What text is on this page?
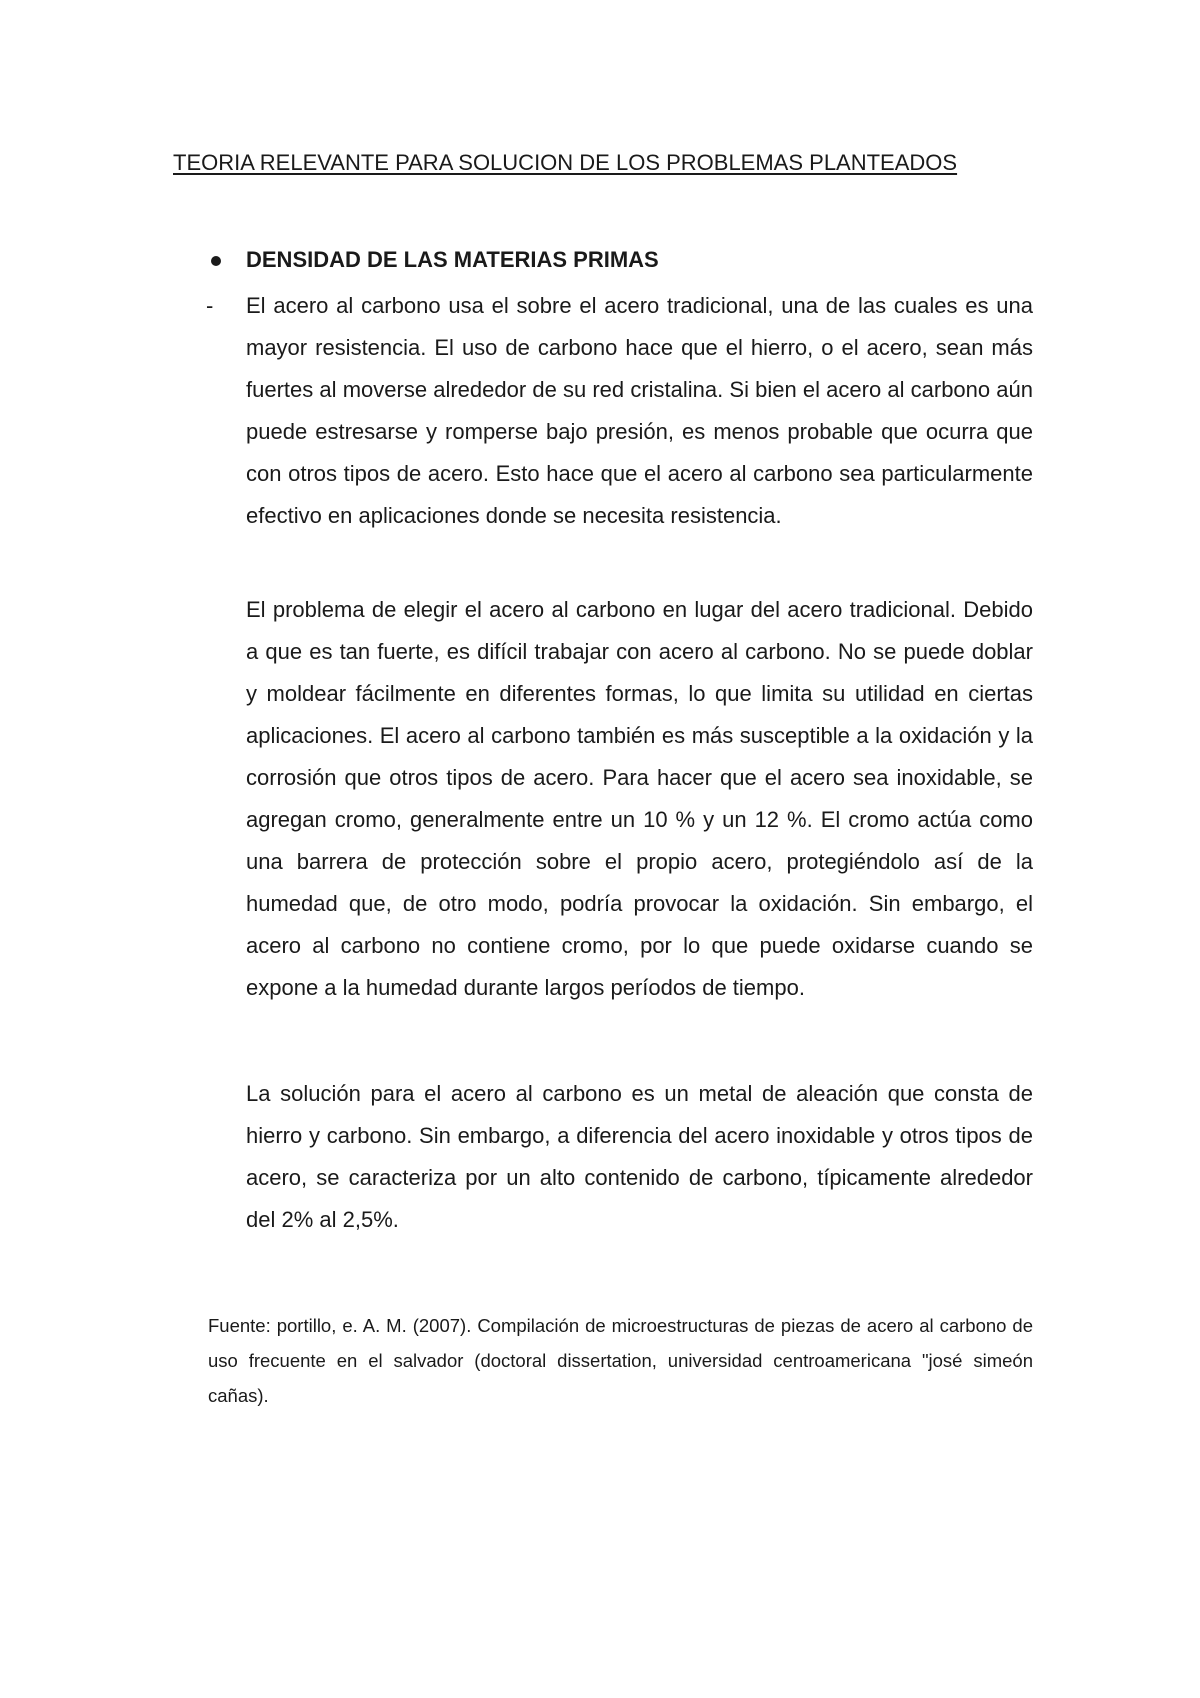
TEORIA RELEVANTE PARA SOLUCION DE LOS PROBLEMAS PLANTEADOS
DENSIDAD DE LAS MATERIAS PRIMAS
- El acero al carbono usa el sobre el acero tradicional, una de las cuales es una mayor resistencia. El uso de carbono hace que el hierro, o el acero, sean más fuertes al moverse alrededor de su red cristalina. Si bien el acero al carbono aún puede estresarse y romperse bajo presión, es menos probable que ocurra que con otros tipos de acero. Esto hace que el acero al carbono sea particularmente efectivo en aplicaciones donde se necesita resistencia.

El problema de elegir el acero al carbono en lugar del acero tradicional. Debido a que es tan fuerte, es difícil trabajar con acero al carbono. No se puede doblar y moldear fácilmente en diferentes formas, lo que limita su utilidad en ciertas aplicaciones. El acero al carbono también es más susceptible a la oxidación y la corrosión que otros tipos de acero. Para hacer que el acero sea inoxidable, se agregan cromo, generalmente entre un 10 % y un 12 %. El cromo actúa como una barrera de protección sobre el propio acero, protegiéndolo así de la humedad que, de otro modo, podría provocar la oxidación. Sin embargo, el acero al carbono no contiene cromo, por lo que puede oxidarse cuando se expone a la humedad durante largos períodos de tiempo.

La solución para el acero al carbono es un metal de aleación que consta de hierro y carbono. Sin embargo, a diferencia del acero inoxidable y otros tipos de acero, se caracteriza por un alto contenido de carbono, típicamente alrededor del 2% al 2,5%.

Fuente: portillo, e. A. M. (2007). Compilación de microestructuras de piezas de acero al carbono de uso frecuente en el salvador (doctoral dissertation, universidad centroamericana "josé simeón cañas).
